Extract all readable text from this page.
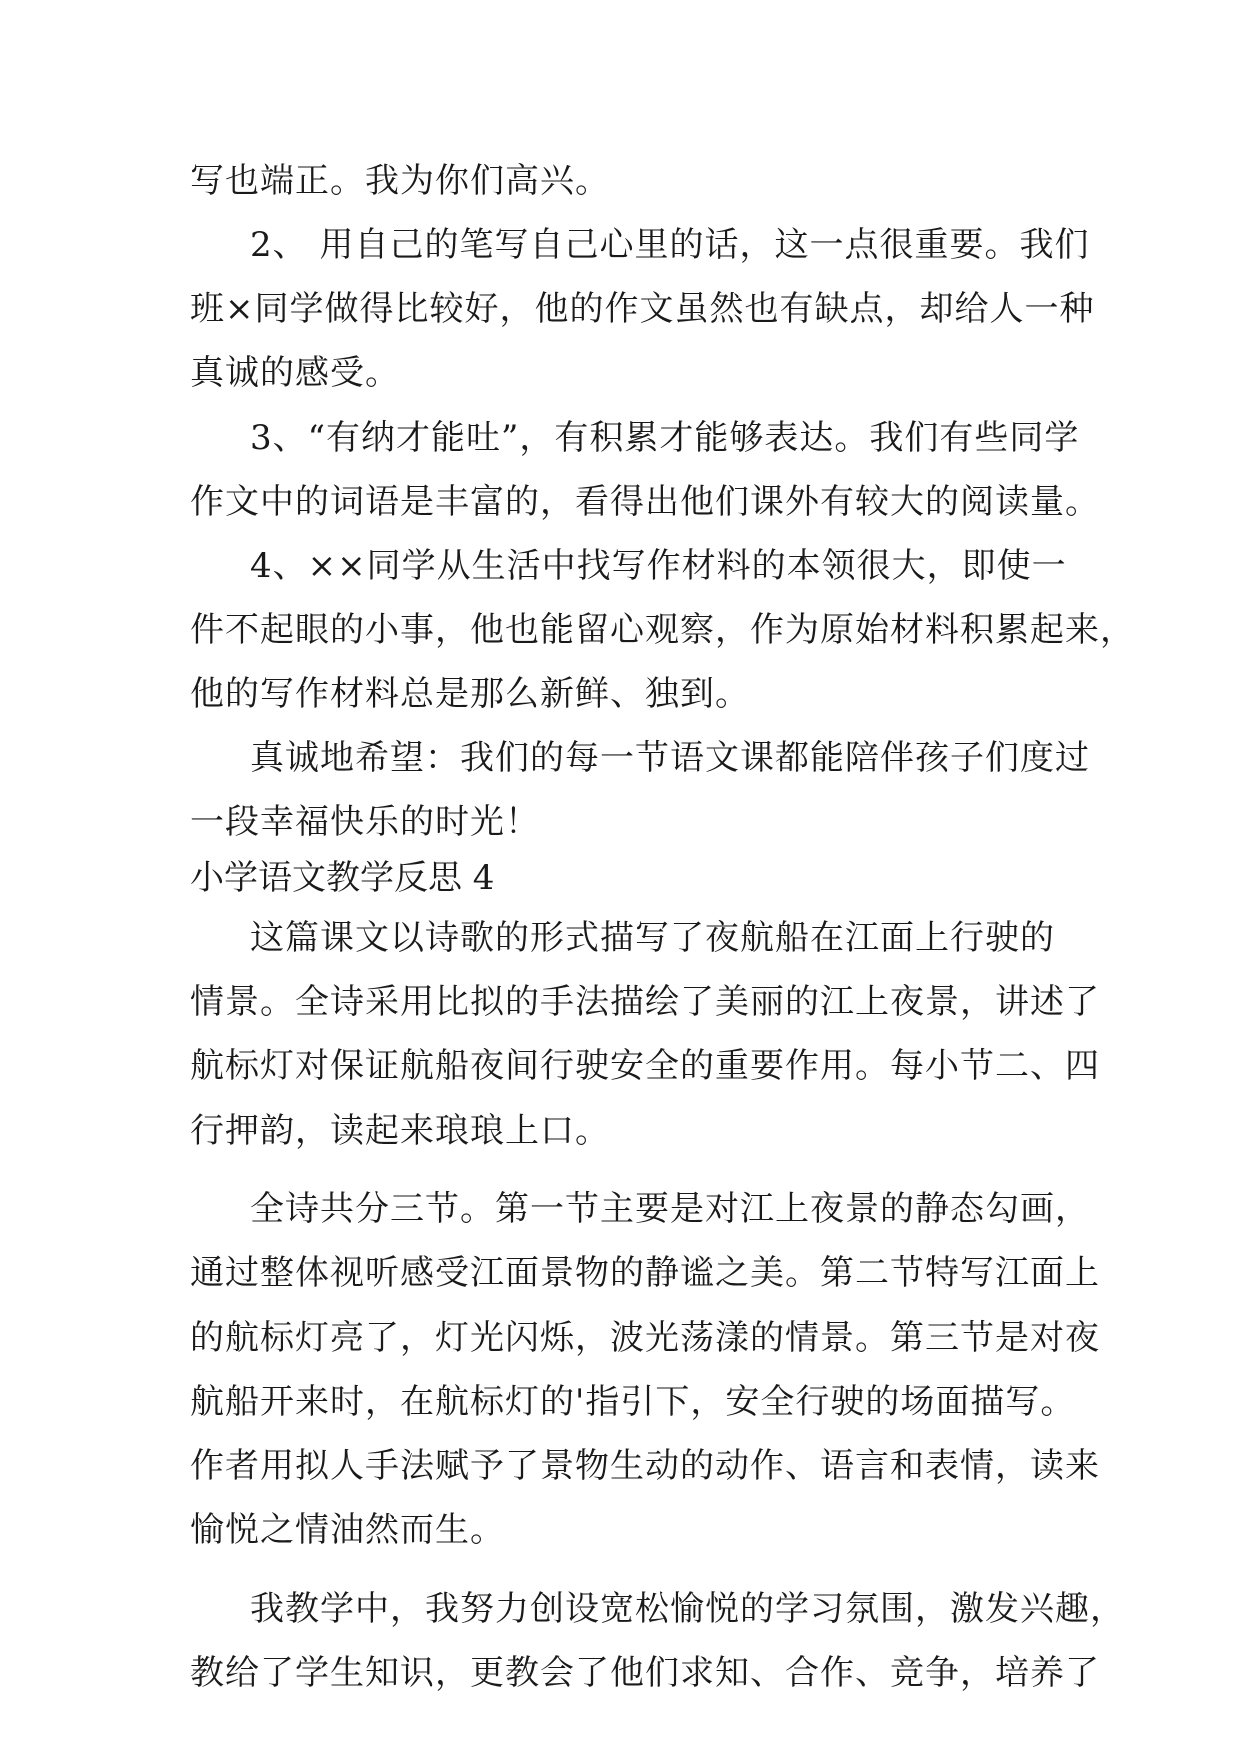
写也端正。我为你们高兴。
2、 用自己的笔写自己心里的话，这一点很重要。我们
班×同学做得比较好，他的作文虽然也有缺点，却给人一种
真诚的感受。
3、“有纳才能吐”，有积累才能够表达。我们有些同学
作文中的词语是丰富的，看得出他们课外有较大的阅读量。
4、××同学从生活中找写作材料的本领很大，即使一
件不起眼的小事，他也能留心观察，作为原始材料积累起来，
他的写作材料总是那么新鲜、独到。
真诚地希望：我们的每一节语文课都能陪伴孩子们度过
一段幸福快乐的时光！
小学语文教学反思 4
这篇课文以诗歌的形式描写了夜航船在江面上行驶的
情景。全诗采用比拟的手法描绘了美丽的江上夜景，讲述了
航标灯对保证航船夜间行驶安全的重要作用。每小节二、四
行押韵，读起来琅琅上口。
全诗共分三节。第一节主要是对江上夜景的静态勾画，
通过整体视听感受江面景物的静谧之美。第二节特写江面上
的航标灯亮了，灯光闪烁，波光荡漾的情景。第三节是对夜
航船开来时，在航标灯的'指引下，安全行驶的场面描写。
作者用拟人手法赋予了景物生动的动作、语言和表情，读来
愉悦之情油然而生。
我教学中，我努力创设宽松愉悦的学习氛围，激发兴趣，
教给了学生知识，更教会了他们求知、合作、竞争，培养了
